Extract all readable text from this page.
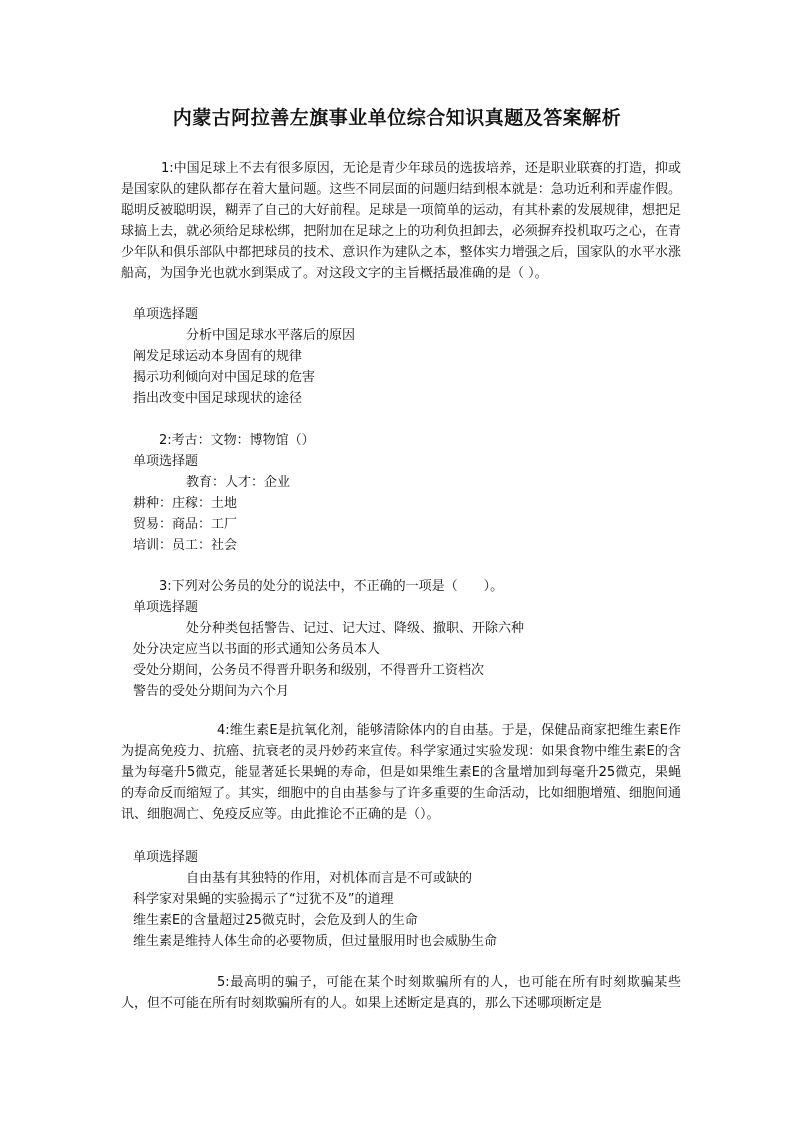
内蒙古阿拉善左旗事业单位综合知识真题及答案解析
1:中国足球上不去有很多原因，无论是青少年球员的选拔培养，还是职业联赛的打造，抑或是国家队的建队都存在着大量问题。这些不同层面的问题归结到根本就是：急功近利和弄虚作假。聪明反被聪明误，糊弄了自己的大好前程。足球是一项简单的运动，有其朴素的发展规律，想把足球搞上去，就必须给足球松绑，把附加在足球之上的功利负担卸去，必须摒弃投机取巧之心，在青少年队和俱乐部队中都把球员的技术、意识作为建队之本，整体实力增强之后，国家队的水平水涨船高，为国争光也就水到渠成了。对这段文字的主旨概括最准确的是（ ）。
单项选择题
分析中国足球水平落后的原因
阐发足球运动本身固有的规律
揭示功利倾向对中国足球的危害
指出改变中国足球现状的途径
2:考古：文物：博物馆（）
单项选择题
教育：人才：企业
耕种：庄稼：土地
贸易：商品：工厂
培训：员工：社会
3:下列对公务员的处分的说法中，不正确的一项是（　　）。
单项选择题
处分种类包括警告、记过、记大过、降级、撤职、开除六种
处分决定应当以书面的形式通知公务员本人
受处分期间，公务员不得晋升职务和级别，不得晋升工资档次
警告的受处分期间为六个月
4:维生素E是抗氧化剂，能够清除体内的自由基。于是，保健品商家把维生素E作为提高免疫力、抗癌、抗衰老的灵丹妙药来宣传。科学家通过实验发现：如果食物中维生素E的含量为每毫升5微克，能显著延长果蝇的寿命，但是如果维生素E的含量增加到每毫升25微克，果蝇的寿命反而缩短了。其实，细胞中的自由基参与了许多重要的生命活动，比如细胞增殖、细胞间通讯、细胞凋亡、免疫反应等。由此推论不正确的是（）。
单项选择题
自由基有其独特的作用，对机体而言是不可或缺的
科学家对果蝇的实验揭示了“过犹不及”的道理
维生素E的含量超过25微克时，会危及到人的生命
维生素是维持人体生命的必要物质，但过量服用时也会威胁生命
5:最高明的骗子，可能在某个时刻欺骗所有的人，也可能在所有时刻欺骗某些人，但不可能在所有时刻欺骗所有的人。如果上述断定是真的，那么下述哪项断定是
